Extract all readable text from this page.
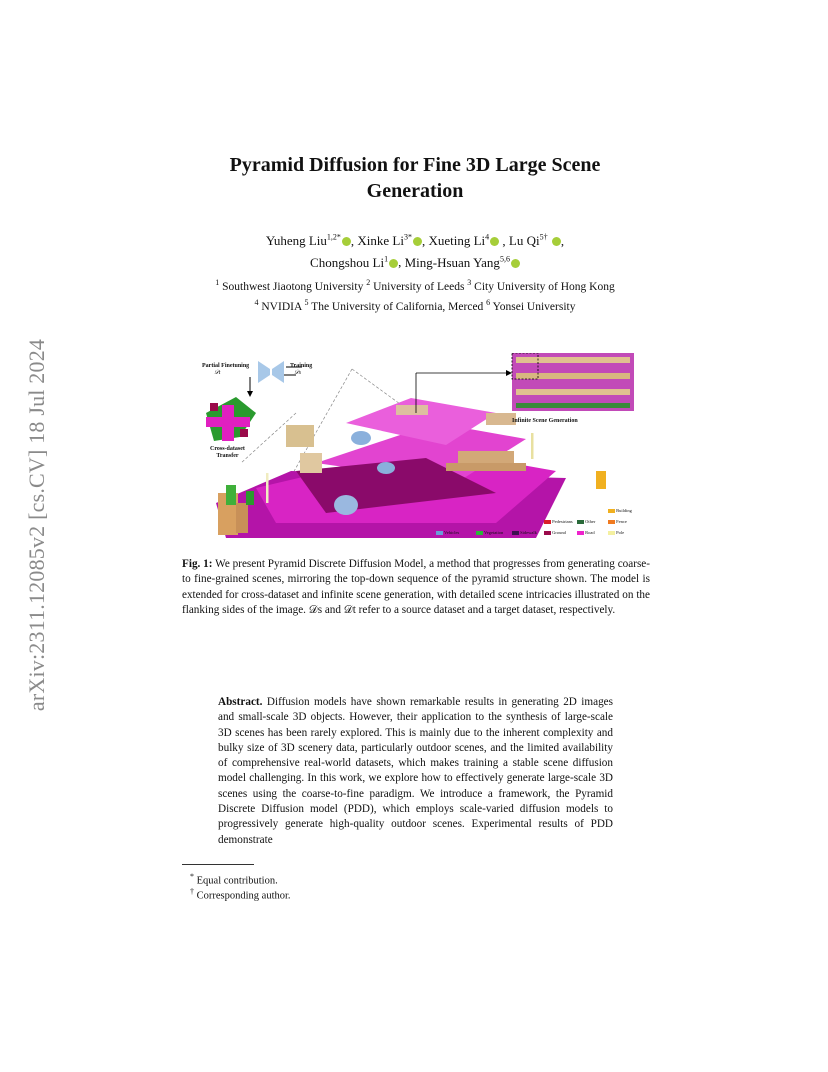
arXiv:2311.12085v2 [cs.CV] 18 Jul 2024
Pyramid Diffusion for Fine 3D Large Scene
Generation
Yuheng Liu$^{1,2*}$ , Xinke $Li^{3*}$ , Xueting Li$^4$ , Lu $Qi^{5\dagger}$ ,
Chongshou Li$^1$ , Ming-Hsuan Yang$^{5,6}$
$^1$ Southwest Jiaotong University $^2$ University of Leeds $^3$ City University of Hong Kong
$^4$ NVIDIA $^5$ The University of California, Merced $^6$ Yonsei University
Partial Finetuning
𝒟t
Training
𝒟s
Cross-dataset
Transfer
Infinite Scene Generation
Vehicles	Vegetation	Sidewalk
Pedestrians
Ground
Other
Road
Building
Fence
Pole
Fig. 1: We present Pyramid Discrete Diffusion Model, a method that progresses from generating coarse- to fine-grained scenes, mirroring the top-down sequence of the pyramid structure shown. The model is extended for cross-dataset and infinite scene generation, with detailed scene intricacies illustrated on the flanking sides of the image. 𝒟s and 𝒟t refer to a source dataset and a target dataset, respectively.
Abstract. Diffusion models have shown remarkable results in generating 2D images and small-scale 3D objects. However, their application to the synthesis of large-scale 3D scenes has been rarely explored. This is mainly due to the inherent complexity and bulky size of 3D scenery data, particularly outdoor scenes, and the limited availability of comprehensive real-world datasets, which makes training a stable scene diffusion model challenging. In this work, we explore how to effectively generate large-scale 3D scenes using the coarse-to-fine paradigm. We introduce a framework, the Pyramid Discrete Diffusion model (PDD), which employs scale-varied diffusion models to progressively generate high-quality outdoor scenes. Experimental results of PDD demonstrate
* Equal contribution.
† Corresponding author.
